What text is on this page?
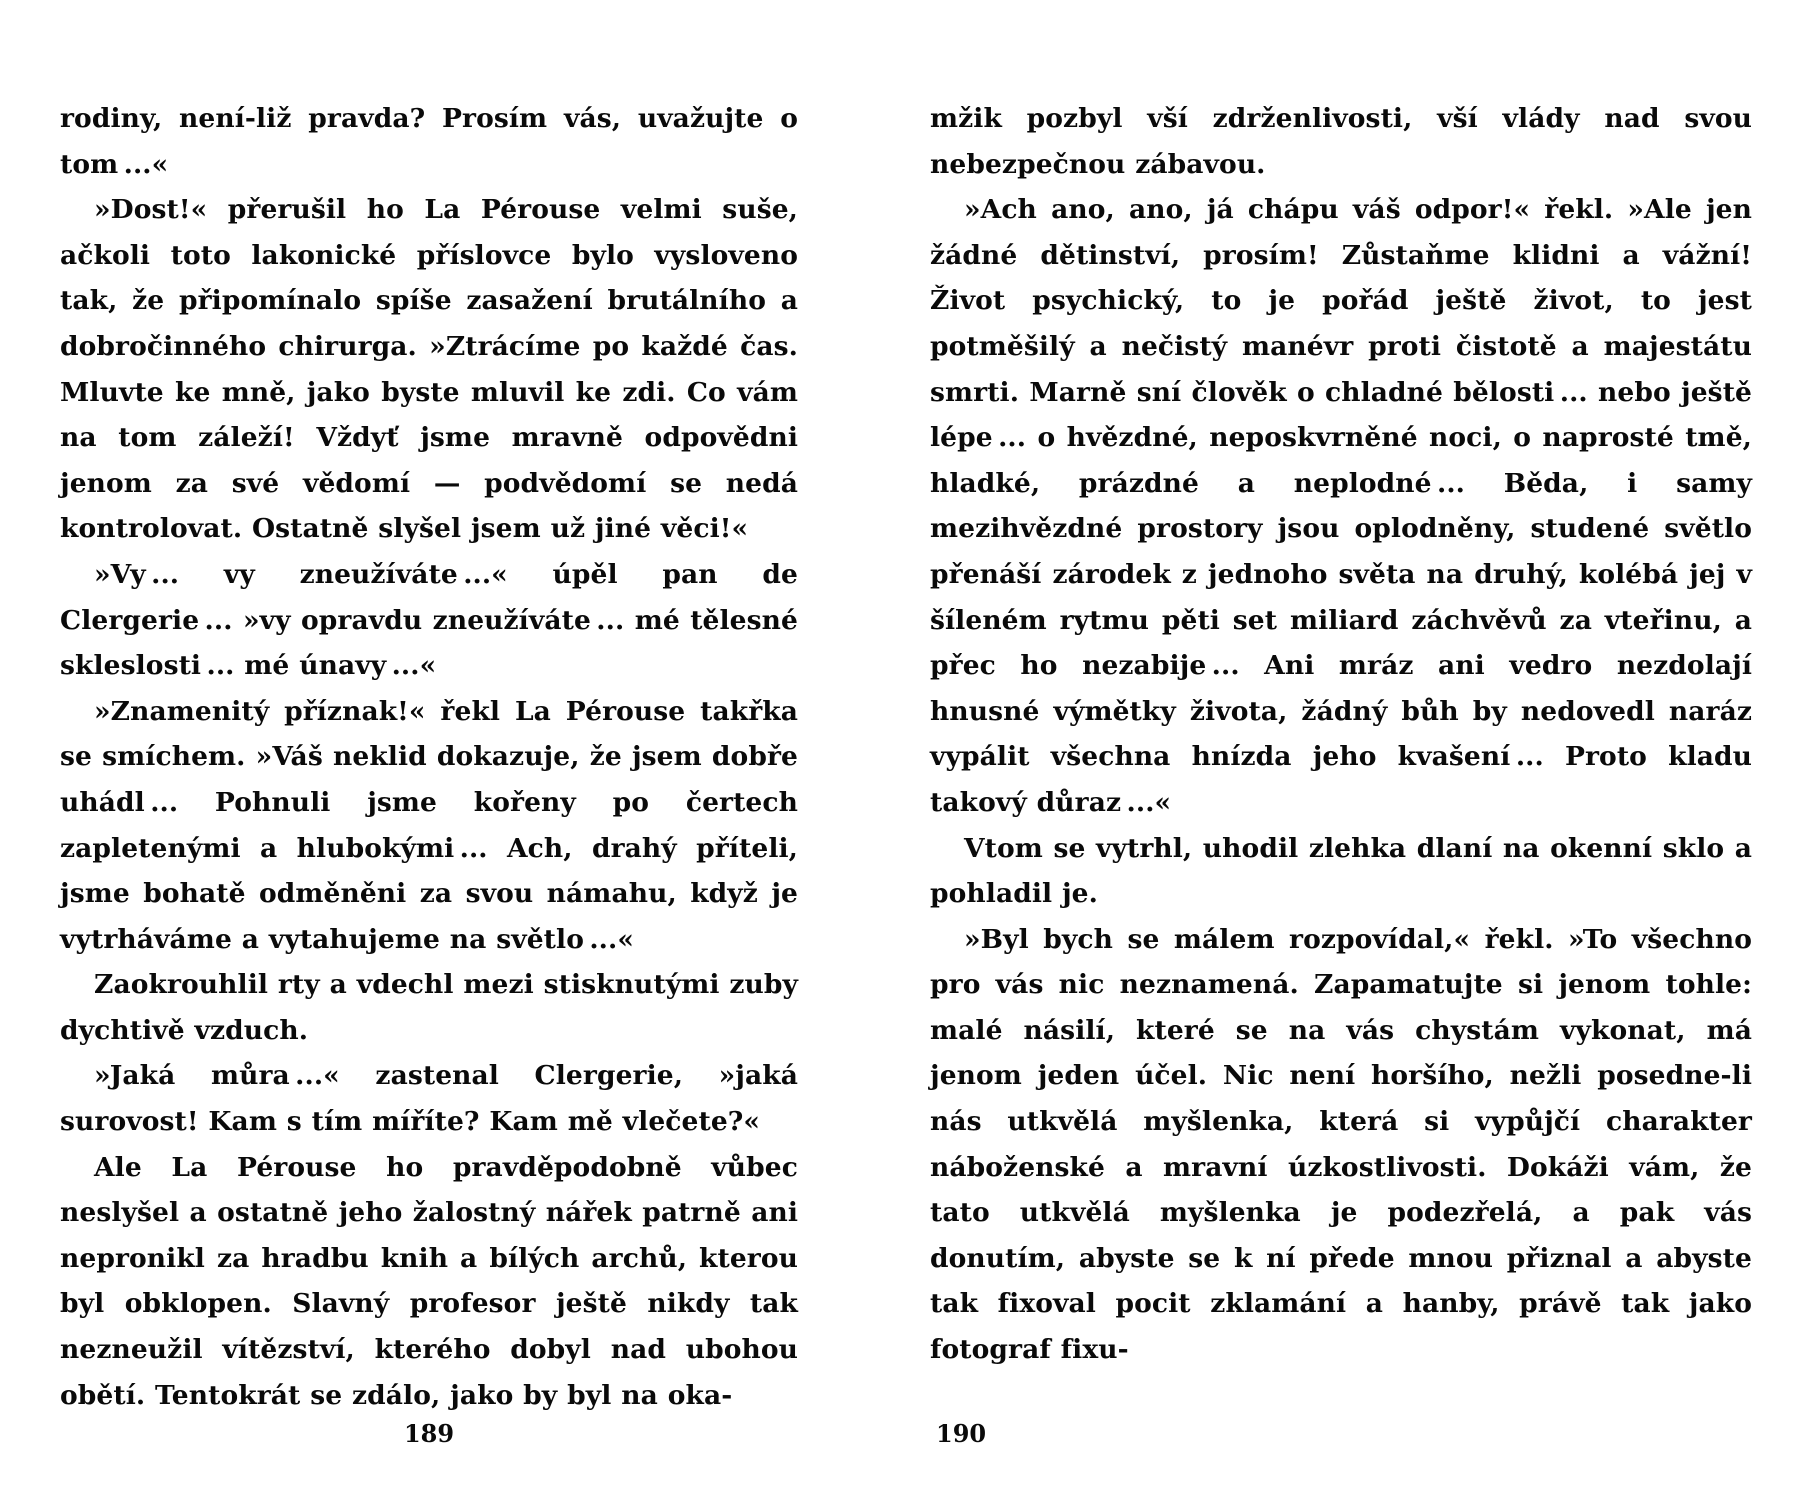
rodiny, není-liž pravda? Prosím vás, uvažujte o tom ...«

»Dost!« přerušil ho La Pérouse velmi suše, ačkoli toto lakonické příslovce bylo vysloveno tak, že připomínalo spíše zasažení brutálního a dobročinného chirurga. »Ztrácíme po každé čas. Mluvte ke mně, jako byste mluvil ke zdi. Co vám na tom záleží! Vždyť jsme mravně odpovědni jenom za své vědomí — podvědomí se nedá kontrolovat. Ostatně slyšel jsem už jiné věci!«

»Vy ... vy zneužíváte ...« úpěl pan de Clergerie ... »vy opravdu zneužíváte ... mé tělesné skleslosti ... mé únavy ...«

»Znamenitý příznak!« řekl La Pérouse takřka se smíchem. »Váš neklid dokazuje, že jsem dobře uhádl ... Pohnuli jsme kořeny po čertech zapletenými a hlubokými ... Ach, drahý příteli, jsme bohatě odměněni za svou námahu, když je vytrháváme a vytahujeme na světlo ...«

Zaokrouhlil rty a vdechl mezi stisknutými zuby dychtivě vzduch.

»Jaká můra ...« zastenal Clergerie, »jaká surovost! Kam s tím míříte? Kam mě vlečete?«

Ale La Pérouse ho pravděpodobně vůbec neslyšel a ostatně jeho žalostný nářek patrně ani nepronikl za hradbu knih a bílých archů, kterou byl obklopen. Slavný profesor ještě nikdy tak nezneužil vítězství, kterého dobyl nad ubohou obětí. Tentokrát se zdálo, jako by byl na oka-

mžik pozbyl vší zdrženlivosti, vší vlády nad svou nebezpečnou zábavou.

»Ach ano, ano, já chápu váš odpor!« řekl. »Ale jen žádné dětinství, prosím! Zůstaňme klidni a vážní! Život psychický, to je pořád ještě život, to jest potměšilý a nečistý manévr proti čistotě a majestátu smrti. Marně sní člověk o chladné bělosti ... nebo ještě lépe ... o hvězdné, neposkvrněné noci, o naprosté tmě, hladké, prázdné a neplodné ... Běda, i samy mezihvězdné prostory jsou oplodněny, studené světlo přenáší zárodek z jednoho světa na druhý, kolébá jej v šíleném rytmu pěti set miliard záchvěvů za vteřinu, a přec ho nezabije ... Ani mráz ani vedro nezdolají hnusné výmětky života, žádný bůh by nedovedl naráz vypálit všechna hnízda jeho kvašení ... Proto kladu takový důraz ...«

Vtom se vytrhl, uhodil zlehka dlaní na okenní sklo a pohladil je.

»Byl bych se málem rozpovídal,« řekl. »To všechno pro vás nic neznamená. Zapamatujte si jenom tohle: malé násilí, které se na vás chystám vykonat, má jenom jeden účel. Nic není horšího, nežli posedne-li nás utkvělá myšlenka, která si vypůjčí charakter náboženské a mravní úzkostlivosti. Dokáži vám, že tato utkvělá myšlenka je podezřelá, a pak vás donutím, abyste se k ní přede mnou přiznal a abyste tak fixoval pocit zklamání a hanby, právě tak jako fotograf fixu-

189	190
